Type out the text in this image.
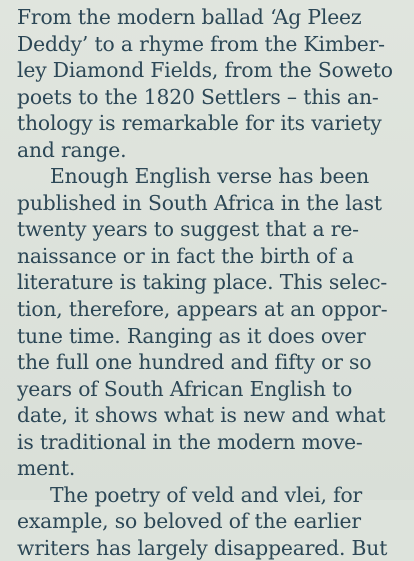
From the modern ballad ‘Ag Pleez
Deddy’ to a rhyme from the Kimber-
ley Diamond Fields, from the Soweto
poets to the 1820 Settlers – this an-
thology is remarkable for its variety
and range.

Enough English verse has been
published in South Africa in the last
twenty years to suggest that a re-
naissance or in fact the birth of a
literature is taking place. This selec-
tion, therefore, appears at an oppor-
tune time. Ranging as it does over
the full one hundred and fifty or so
years of South African English to
date, it shows what is new and what
is traditional in the modern move-
ment.

The poetry of veld and vlei, for
example, so beloved of the earlier
writers has largely disappeared. But
